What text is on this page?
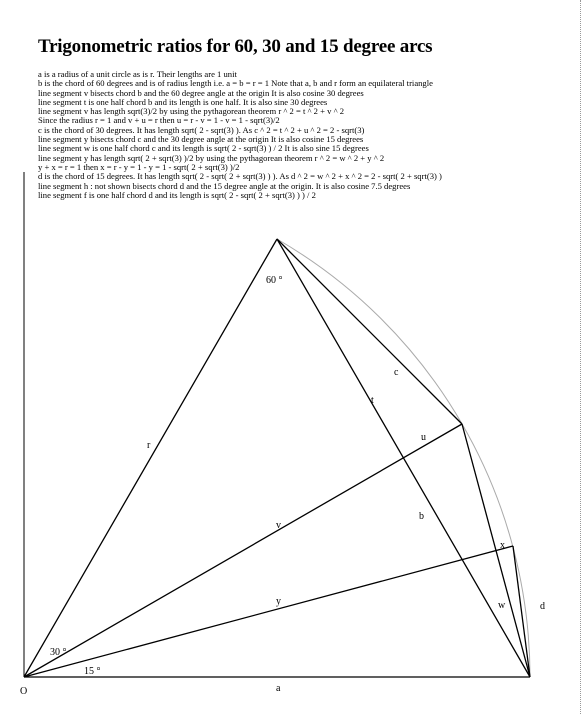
Trigonometric ratios for 60, 30 and 15 degree arcs
a is a radius of a unit circle as is r. Their lengths are 1 unit
b is the chord of 60 degrees and is of radius length i.e. a = b = r = 1 Note that a, b and r form an equilateral triangle
line segment v bisects chord b and the 60 degree angle at the origin It is also cosine 30 degrees
line segment t is one half chord b and its length is one half. It is also sine 30 degrees
line segment v has length sqrt(3)/2 by using the pythagorean theorem r ^ 2 = t ^ 2 + v ^ 2
Since the radius r = 1 and v + u = r then u = r - v = 1 - v = 1 - sqrt(3)/2
c is the chord of 30 degrees. It has length sqrt( 2 - sqrt(3) ). As c ^ 2 = t ^ 2 + u ^ 2 = 2 - sqrt(3)
line segment y bisects chord c and the 30 degree angle at the origin It is also cosine 15 degrees
line segment w is one half chord c and its length is sqrt( 2 - sqrt(3) ) / 2 It is also sine 15 degrees
line segment y has length sqrt( 2 + sqrt(3) )/2 by using the pythagorean theorem r ^ 2 = w ^ 2 + y ^ 2
y + x = r = 1 then x = r - y = 1 - y = 1 - sqrt( 2 + sqrt(3) )/2
d is the chord of 15 degrees. It has length sqrt( 2 - sqrt( 2 + sqrt(3) ) ). As d ^ 2 = w ^ 2 + x ^ 2 = 2 - sqrt( 2 + sqrt(3) )
line segment h : not shown bisects chord d and the 15 degree angle at the origin. It is also cosine 7.5 degrees
line segment f is one half chord d and its length is sqrt( 2 - sqrt( 2 + sqrt(3) ) ) / 2
O	a
b
c
d
r
t
u
v
w
x
y
60 °
30 °
15 °
